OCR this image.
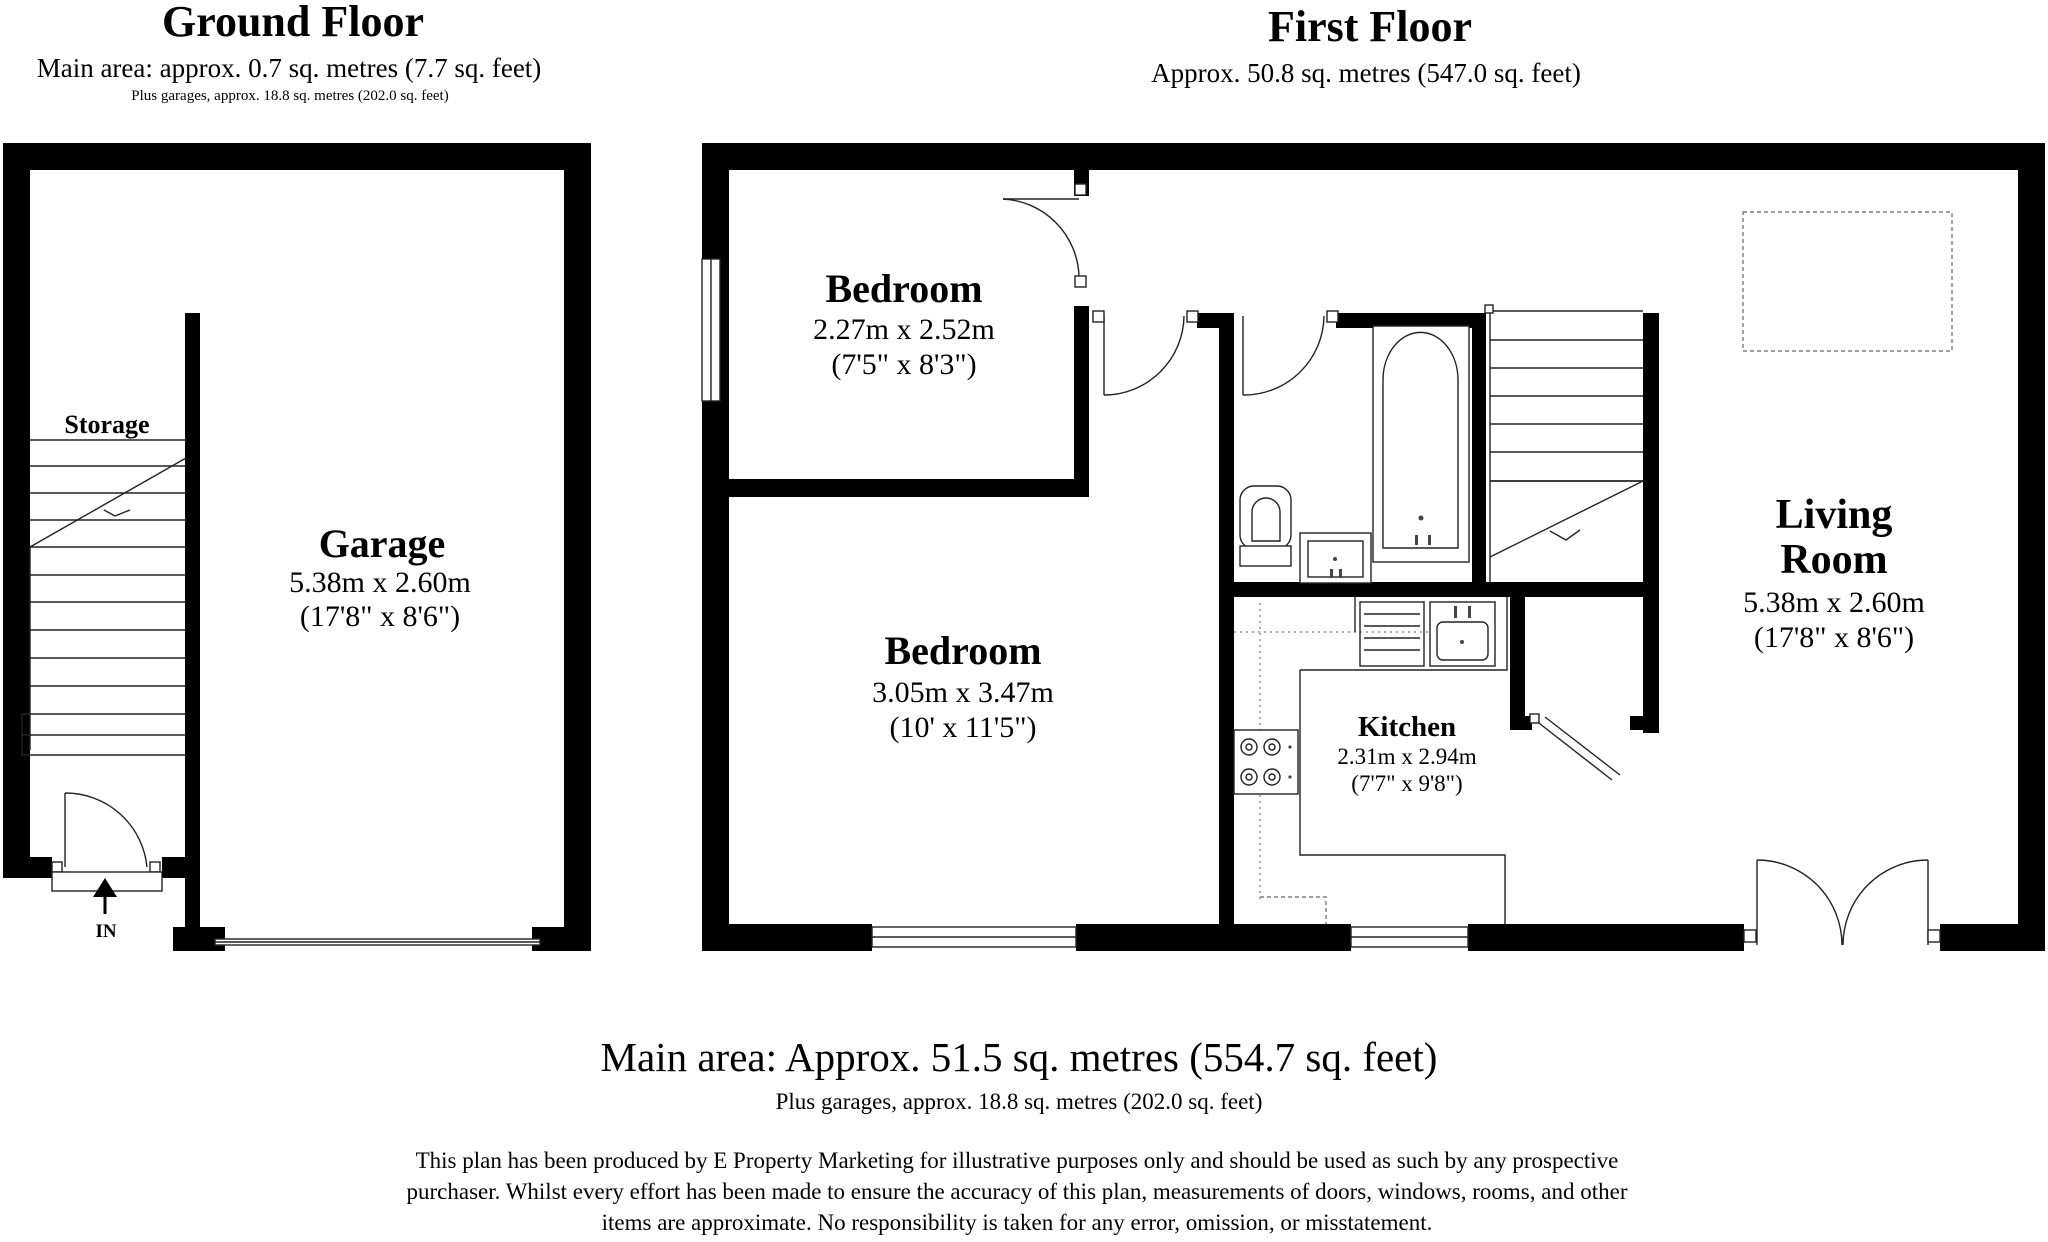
Ground Floor
Main area: approx. 0.7 sq. metres (7.7 sq. feet)
Plus garages, approx. 18.8 sq. metres (202.0 sq. feet)
First Floor
Approx. 50.8 sq. metres (547.0 sq. feet)
IN
Storage
Garage
5.38m x 2.60m
(17'8" x 8'6")
Bedroom
2.27m x 2.52m
(7'5" x 8'3")
Bedroom
3.05m x 3.47m
(10' x 11'5")	Kitchen
2.31m x 2.94m
(7'7" x 9'8")
Living
Room
5.38m x 2.60m
(17'8" x 8'6")
Main area: Approx. 51.5 sq. metres (554.7 sq. feet)
Plus garages, approx. 18.8 sq. metres (202.0 sq. feet)
This plan has been produced by E Property Marketing for illustrative purposes only and should be used as such by any prospective
purchaser. Whilst every effort has been made to ensure the accuracy of this plan, measurements of doors, windows, rooms, and other
items are approximate. No responsibility is taken for any error, omission, or misstatement.
